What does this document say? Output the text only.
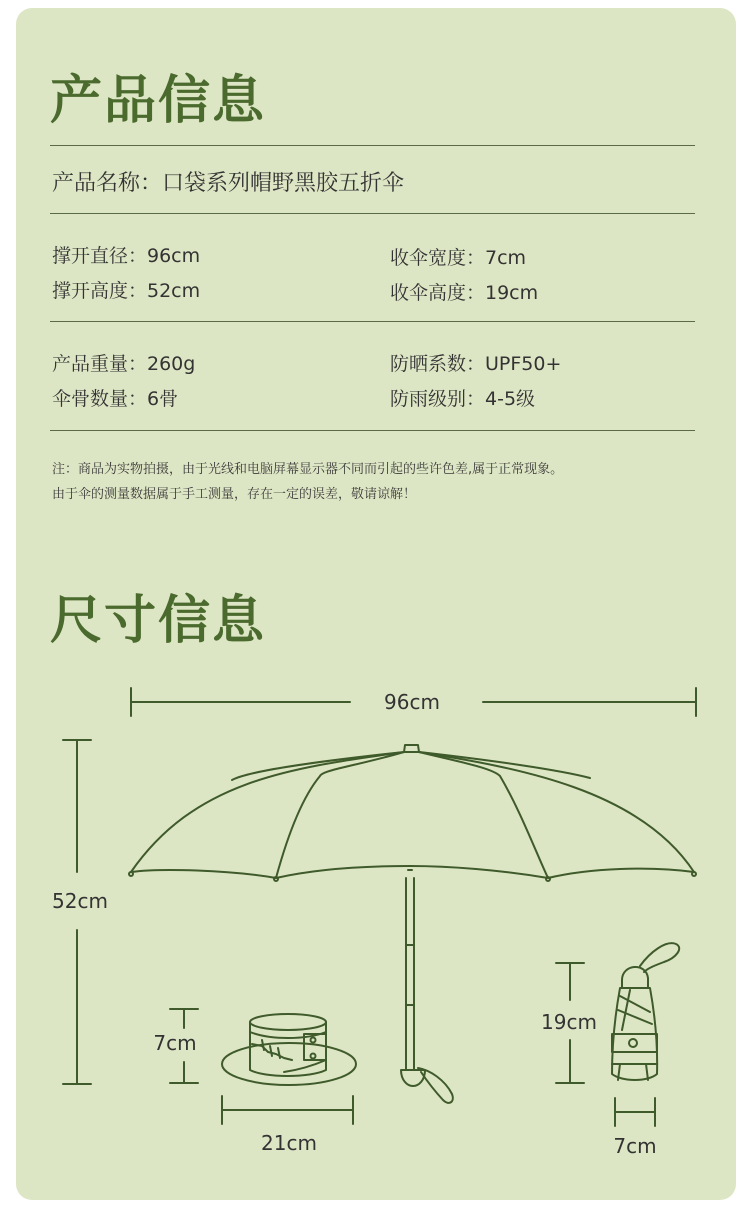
产品信息

产品名称：口袋系列帽野黑胶五折伞

撑开直径：96cm

撑开高度：52cm

收伞宽度：7cm

收伞高度：19cm

产品重量：260g

伞骨数量：6骨

防晒系数：UPF50+

防雨级别：4-5级

注：商品为实物拍摄，由于光线和电脑屏幕显示器不同而引起的些许色差,属于正常现象。

由于伞的测量数据属于手工测量，存在一定的误差，敬请谅解！

尺寸信息
96cm
52cm
7cm
21cm
19cm
7cm
